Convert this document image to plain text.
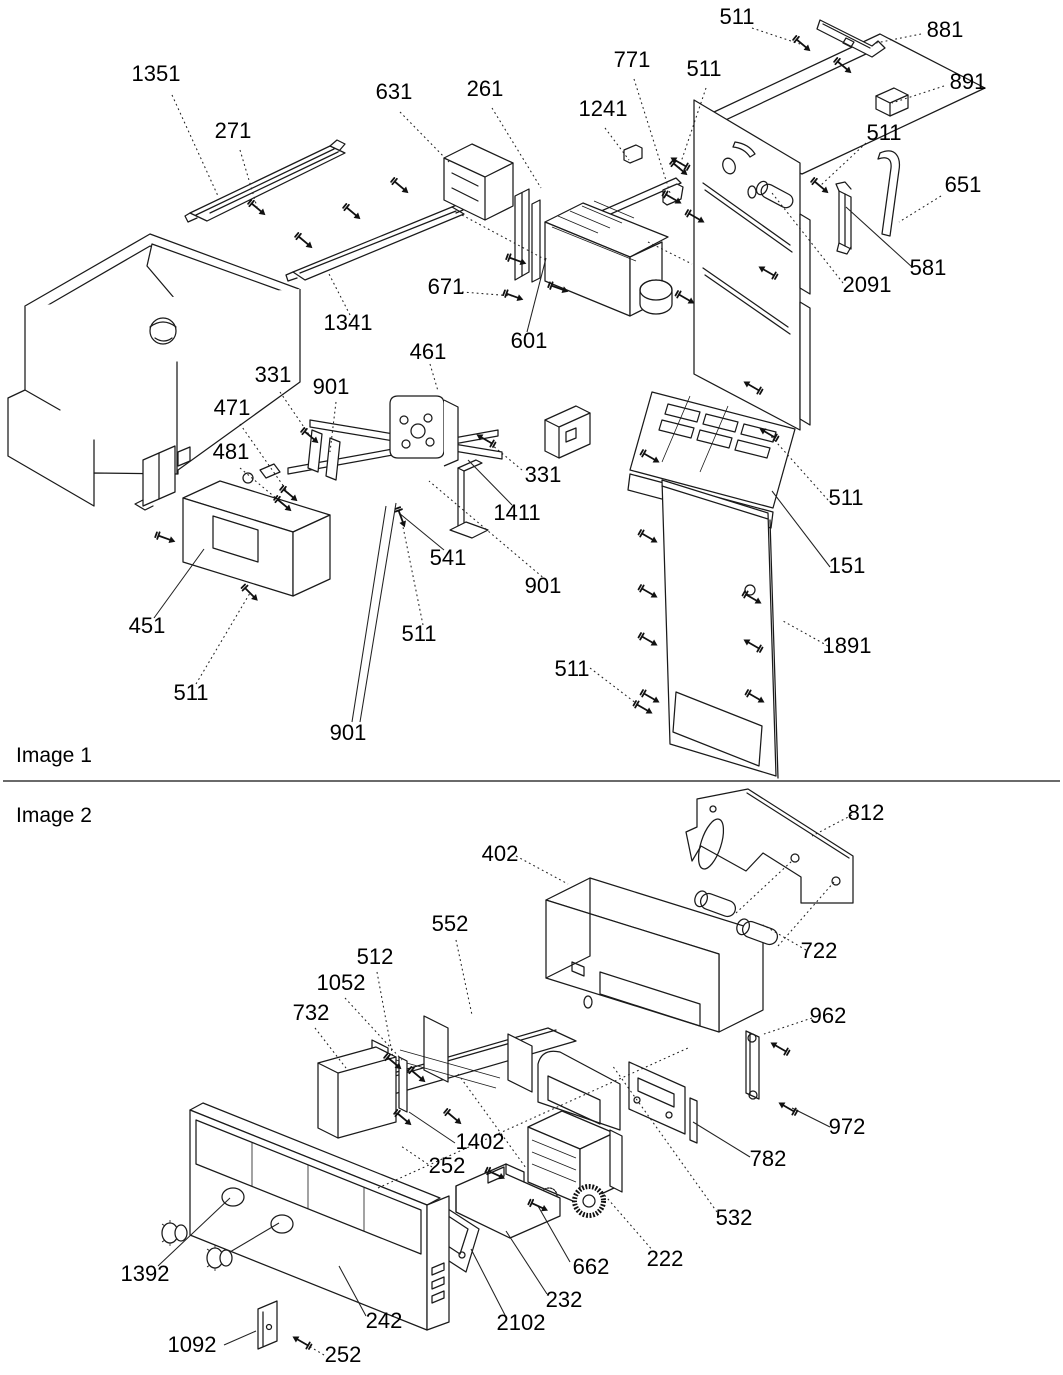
Image 1
Image 2
1351
271
631 261
1241
771 511
511
881
891
511
651
581
2091
671
601
1341
461
331 901
471
481
331
1411
541
901
511
451
511
901
511
511
151
1891
812
402
722
962
972
552
512
1052
732
1402
252	782
532
222
662
232
2102
1392
242
1092	252
